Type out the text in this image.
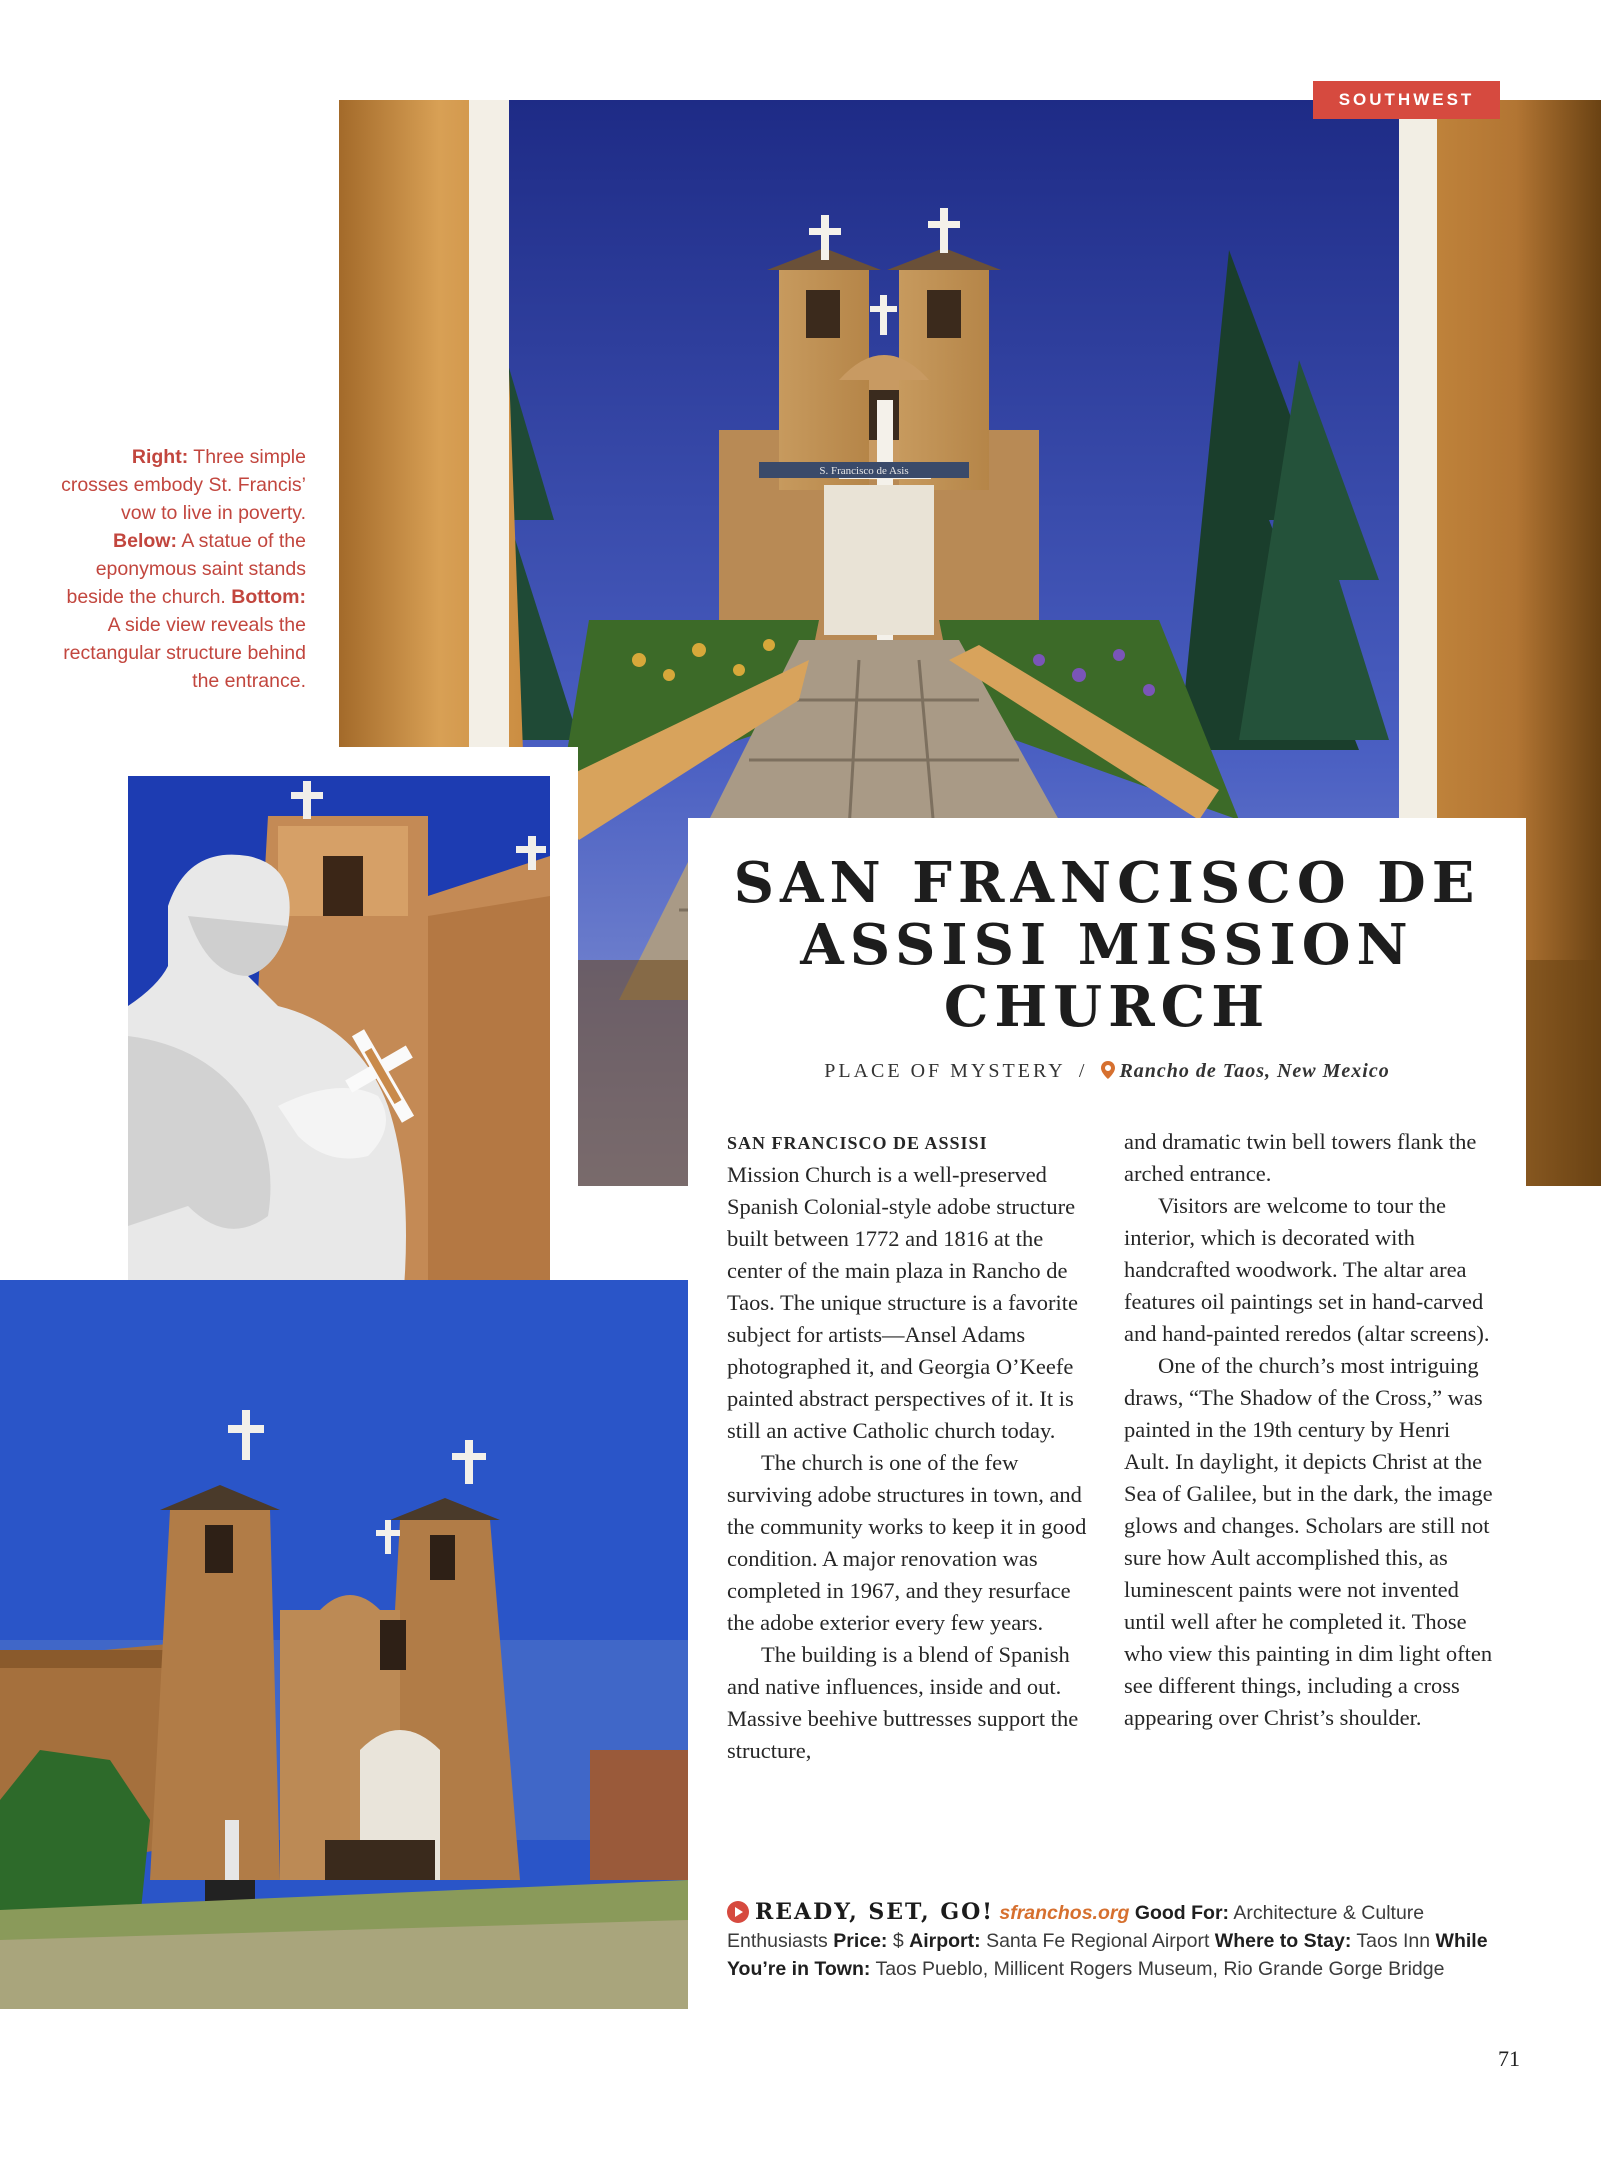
S. Francisco de Asis
SOUTHWEST
Right: Three simple crosses embody St. Francis’ vow to live in poverty. Below: A statue of the eponymous saint stands beside the church. Bottom: A side view reveals the rectangular structure behind the entrance.
SAN FRANCISCO DE ASSISI MISSION CHURCH
PLACE OF MYSTERY / Rancho de Taos, New Mexico

SAN FRANCISCO DE ASSISI
Mission Church is a well-preserved Spanish Colonial-style adobe structure built between 1772 and 1816 at the center of the main plaza in Rancho de Taos. The unique structure is a favorite subject for artists—Ansel Adams photographed it, and Georgia O’Keefe painted abstract perspectives of it. It is still an active Catholic church today.

The church is one of the few surviving adobe structures in town, and the community works to keep it in good condition. A major renovation was completed in 1967, and they resurface the adobe exterior every few years.

The building is a blend of Spanish and native influences, inside and out. Massive beehive buttresses support the structure,

and dramatic twin bell towers flank the arched entrance.

Visitors are welcome to tour the interior, which is decorated with handcrafted woodwork. The altar area features oil paintings set in hand-carved and hand-painted reredos (altar screens).

One of the church’s most intriguing draws, “The Shadow of the Cross,” was painted in the 19th century by Henri Ault. In daylight, it depicts Christ at the Sea of Galilee, but in the dark, the image glows and changes. Scholars are still not sure how Ault accomplished this, as luminescent paints were not invented until well after he completed it. Those who view this painting in dim light often see different things, including a cross appearing over Christ’s shoulder.

READY, SET, GO! sfranchos.org Good For: Architecture & Culture Enthusiasts Price: $ Airport: Santa Fe Regional Airport Where to Stay: Taos Inn While You’re in Town: Taos Pueblo, Millicent Rogers Museum, Rio Grande Gorge Bridge
71
